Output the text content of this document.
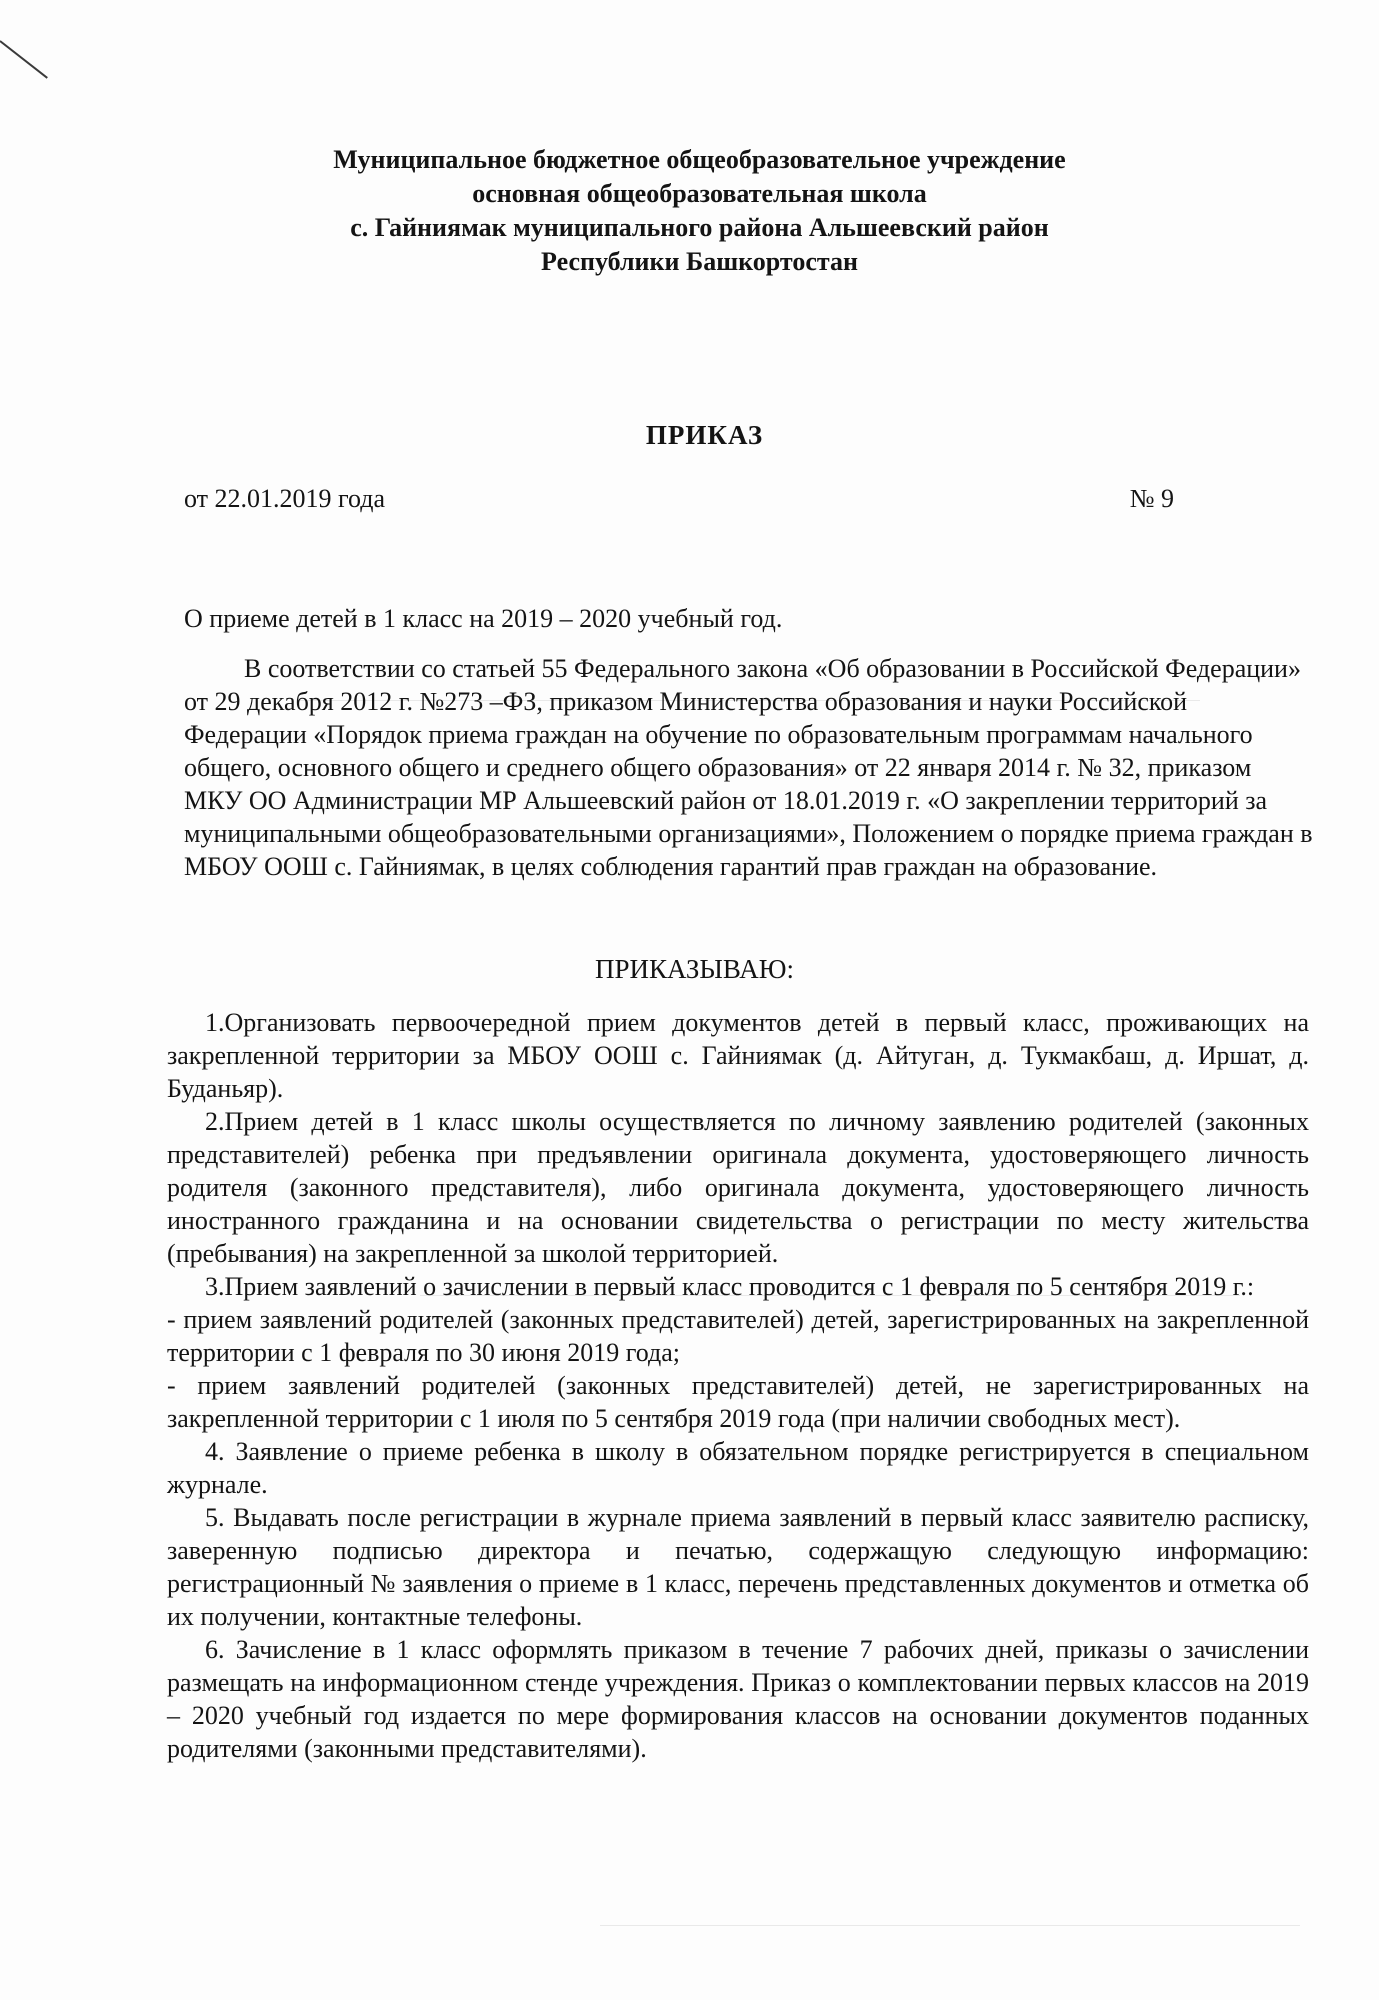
Муниципальное бюджетное общеобразовательное учреждение
основная общеобразовательная школа
с. Гайниямак муниципального района Альшеевский район
Республики Башкортостан
ПРИКАЗ
от 22.01.2019 года	№ 9
О приеме детей в 1 класс на 2019 – 2020 учебный год.

В соответствии со статьей 55 Федерального закона «Об образовании в Российской Федерации» от 29 декабря 2012 г. №273 –ФЗ, приказом Министерства образования и науки Российской Федерации «Порядок приема граждан на обучение по образовательным программам начального общего, основного общего и среднего общего образования» от 22 января 2014 г. № 32, приказом МКУ ОО Администрации МР Альшеевский район от 18.01.2019 г. «О закреплении территорий за муниципальными общеобразовательными организациями», Положением о порядке приема граждан в МБОУ ООШ с. Гайниямак, в целях соблюдения гарантий прав граждан на образование.

ПРИКАЗЫВАЮ:

1.Организовать первоочередной прием документов детей в первый класс, проживающих на закрепленной территории за МБОУ ООШ с. Гайниямак (д. Айтуган, д. Тукмакбаш, д. Иршат, д. Буданьяр).

2.Прием детей в 1 класс школы осуществляется по личному заявлению родителей (законных представителей) ребенка при предъявлении оригинала документа, удостоверяющего личность родителя (законного представителя), либо оригинала документа, удостоверяющего личность иностранного гражданина и на основании свидетельства о регистрации по месту жительства (пребывания) на закрепленной за школой территорией.

3.Прием заявлений о зачислении в первый класс проводится с 1 февраля по 5 сентября 2019 г.:
- прием заявлений родителей (законных представителей) детей, зарегистрированных на закрепленной территории с 1 февраля по 30 июня 2019 года;
- прием заявлений родителей (законных представителей) детей, не зарегистрированных на закрепленной территории с 1 июля по 5 сентября 2019 года (при наличии свободных мест).

4. Заявление о приеме ребенка в школу в обязательном порядке регистрируется в специальном журнале.

5. Выдавать после регистрации в журнале приема заявлений в первый класс заявителю расписку, заверенную подписью директора и печатью, содержащую следующую информацию: регистрационный № заявления о приеме в 1 класс, перечень представленных документов и отметка об их получении, контактные телефоны.

6. Зачисление в 1 класс оформлять приказом в течение 7 рабочих дней, приказы о зачислении размещать на информационном стенде учреждения. Приказ о комплектовании первых классов на 2019 – 2020 учебный год издается по мере формирования классов на основании документов поданных родителями (законными представителями).
